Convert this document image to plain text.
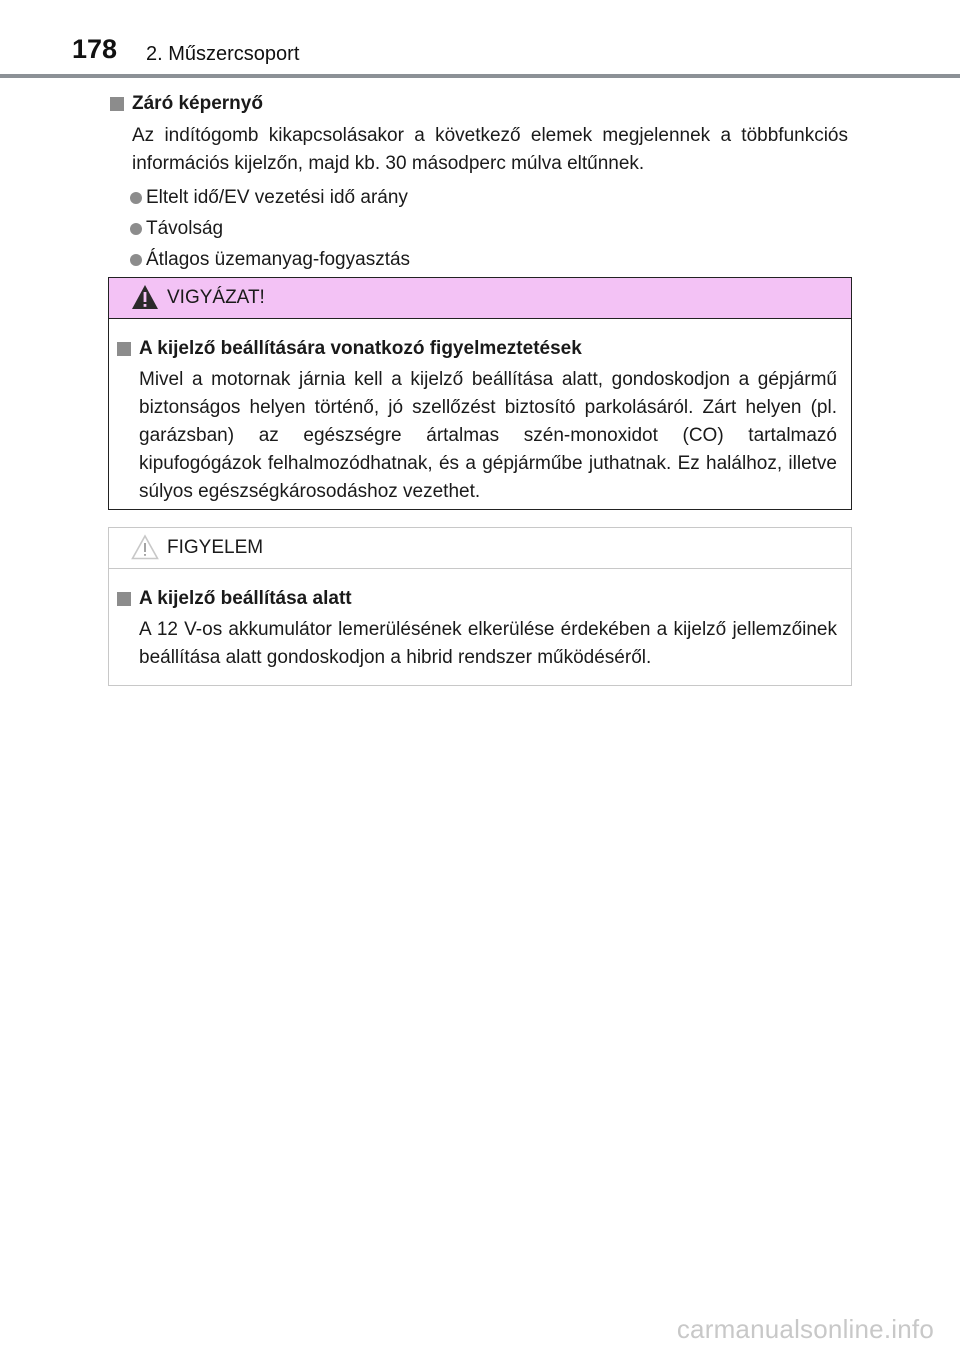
178 2. Műszercsoport
Záró képernyő

Az indítógomb kikapcsolásakor a következő elemek megjelennek a többfunkciós információs kijelzőn, majd kb. 30 másodperc múlva eltűnnek.

Eltelt idő/EV vezetési idő arány
Távolság
Átlagos üzemanyag-fogyasztás
VIGYÁZAT!
A kijelző beállítására vonatkozó figyelmeztetések

Mivel a motornak járnia kell a kijelző beállítása alatt, gondoskodjon a gépjármű biztonságos helyen történő, jó szellőzést biztosító parkolásáról. Zárt helyen (pl. garázsban) az egészségre ártalmas szén-monoxidot (CO) tartalmazó kipufogógázok felhalmozódhatnak, és a gépjárműbe juthatnak. Ez halálhoz, illetve súlyos egészségkárosodáshoz vezethet.

FIGYELEM
A kijelző beállítása alatt

A 12 V-os akkumulátor lemerülésének elkerülése érdekében a kijelző jellemzőinek beállítása alatt gondoskodjon a hibrid rendszer működéséről.

carmanualsonline.info
